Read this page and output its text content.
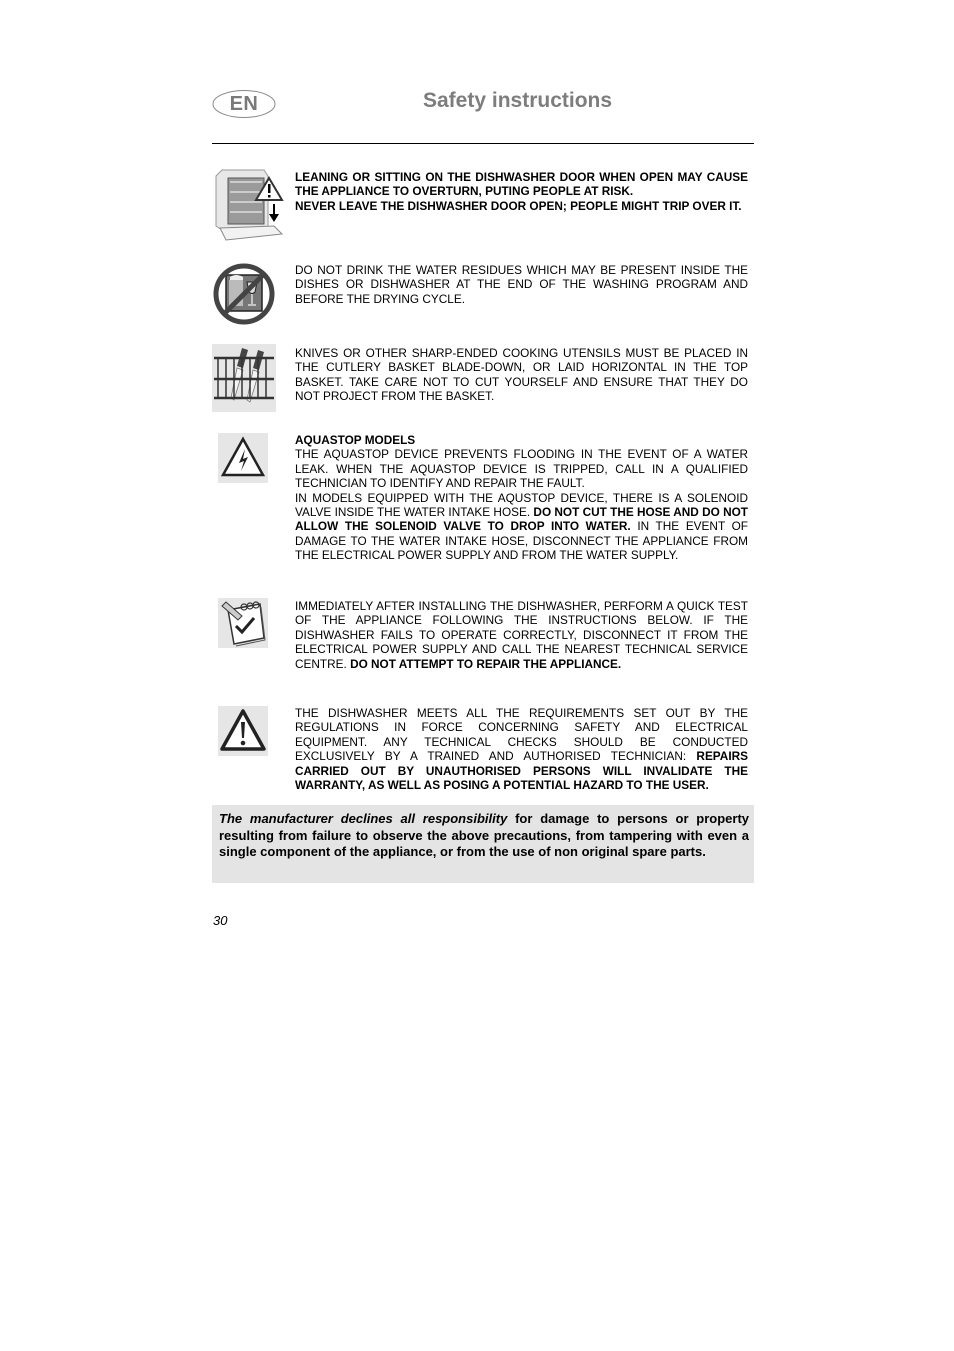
EN	Safety instructions

LEANING OR SITTING ON THE DISHWASHER DOOR WHEN OPEN MAY CAUSE THE APPLIANCE TO OVERTURN, PUTING PEOPLE AT RISK.

NEVER LEAVE THE DISHWASHER DOOR OPEN; PEOPLE MIGHT TRIP OVER IT.

DO NOT DRINK THE WATER RESIDUES WHICH MAY BE PRESENT INSIDE THE DISHES OR DISHWASHER AT THE END OF THE WASHING PROGRAM AND BEFORE THE DRYING CYCLE.

KNIVES OR OTHER SHARP-ENDED COOKING UTENSILS MUST BE PLACED IN THE CUTLERY BASKET BLADE-DOWN, OR LAID HORIZONTAL IN THE TOP BASKET. TAKE CARE NOT TO CUT YOURSELF AND ENSURE THAT THEY DO NOT PROJECT FROM THE BASKET.

AQUASTOP MODELS

THE AQUASTOP DEVICE PREVENTS FLOODING IN THE EVENT OF A WATER LEAK. WHEN THE AQUASTOP DEVICE IS TRIPPED, CALL IN A QUALIFIED TECHNICIAN TO IDENTIFY AND REPAIR THE FAULT.

IN MODELS EQUIPPED WITH THE AQUSTOP DEVICE, THERE IS A SOLENOID VALVE INSIDE THE WATER INTAKE HOSE. DO NOT CUT THE HOSE AND DO NOT ALLOW THE SOLENOID VALVE TO DROP INTO WATER. IN THE EVENT OF DAMAGE TO THE WATER INTAKE HOSE, DISCONNECT THE APPLIANCE FROM THE ELECTRICAL POWER SUPPLY AND FROM THE WATER SUPPLY.

IMMEDIATELY AFTER INSTALLING THE DISHWASHER, PERFORM A QUICK TEST OF THE APPLIANCE FOLLOWING THE INSTRUCTIONS BELOW. IF THE DISHWASHER FAILS TO OPERATE CORRECTLY, DISCONNECT IT FROM THE ELECTRICAL POWER SUPPLY AND CALL THE NEAREST TECHNICAL SERVICE CENTRE. DO NOT ATTEMPT TO REPAIR THE APPLIANCE.

THE DISHWASHER MEETS ALL THE REQUIREMENTS SET OUT BY THE REGULATIONS IN FORCE CONCERNING SAFETY AND ELECTRICAL EQUIPMENT. ANY TECHNICAL CHECKS SHOULD BE CONDUCTED EXCLUSIVELY BY A TRAINED AND AUTHORISED TECHNICIAN: REPAIRS CARRIED OUT BY UNAUTHORISED PERSONS WILL INVALIDATE THE WARRANTY, AS WELL AS POSING A POTENTIAL HAZARD TO THE USER.

The manufacturer declines all responsibility for damage to persons or property resulting from failure to observe the above precautions, from tampering with even a single component of the appliance, or from the use of non original spare parts.

30
